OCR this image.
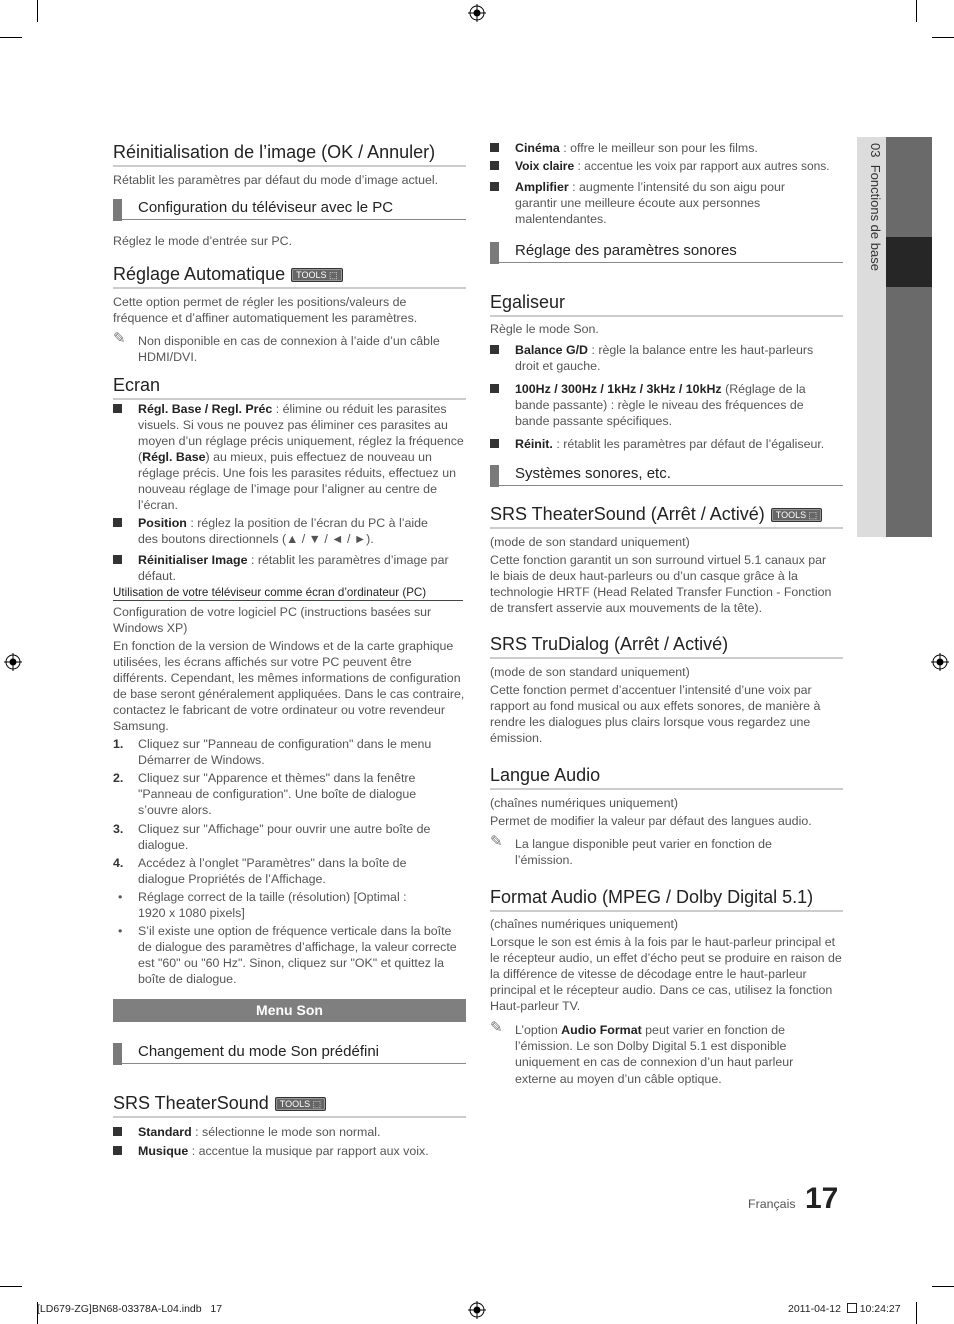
03  Fonctions de base
Réinitialisation de l’image (OK / Annuler)
Rétablit les paramètres par défaut du mode d’image actuel.
Configuration du téléviseur avec le PC
Réglez le mode d’entrée sur PC.
Réglage Automatique TOOLS ⬚
Cette option permet de régler les positions/valeurs de fréquence et d’affiner automatiquement les paramètres.
✎ Non disponible en cas de connexion à l’aide d’un câble HDMI/DVI.
Ecran
Régl. Base / Regl. Préc : élimine ou réduit les parasites visuels. Si vous ne pouvez pas éliminer ces parasites au moyen d’un réglage précis uniquement, réglez la fréquence (Régl. Base) au mieux, puis effectuez de nouveau un réglage précis. Une fois les parasites réduits, effectuez un nouveau réglage de l’image pour l’aligner au centre de l’écran.
Position : réglez la position de l’écran du PC à l’aide des boutons directionnels (▲ / ▼ / ◄ / ►).
Réinitialiser Image : rétablit les paramètres d’image par défaut.
Utilisation de votre téléviseur comme écran d’ordinateur (PC)
Configuration de votre logiciel PC (instructions basées sur Windows XP)
En fonction de la version de Windows et de la carte graphique utilisées, les écrans affichés sur votre PC peuvent être différents. Cependant, les mêmes informations de configuration de base seront généralement appliquées. Dans le cas contraire, contactez le fabricant de votre ordinateur ou votre revendeur Samsung.
1. Cliquez sur "Panneau de configuration" dans le menu Démarrer de Windows.
2. Cliquez sur "Apparence et thèmes" dans la fenêtre "Panneau de configuration". Une boîte de dialogue s’ouvre alors.
3. Cliquez sur "Affichage" pour ouvrir une autre boîte de dialogue.
4. Accédez à l’onglet "Paramètres" dans la boîte de dialogue Propriétés de l’Affichage.
• Réglage correct de la taille (résolution) [Optimal : 1920 x 1080 pixels]
• S’il existe une option de fréquence verticale dans la boîte de dialogue des paramètres d’affichage, la valeur correcte est "60" ou "60 Hz". Sinon, cliquez sur "OK" et quittez la boîte de dialogue.
Menu Son
Changement du mode Son prédéfini
SRS TheaterSound TOOLS ⬚
Standard : sélectionne le mode son normal.
Musique : accentue la musique par rapport aux voix.
Cinéma : offre le meilleur son pour les films.
Voix claire : accentue les voix par rapport aux autres sons.
Amplifier : augmente l’intensité du son aigu pour garantir une meilleure écoute aux personnes malentendantes.
Réglage des paramètres sonores
Egaliseur
Règle le mode Son.
Balance G/D : règle la balance entre les haut-parleurs droit et gauche.
100Hz / 300Hz / 1kHz / 3kHz / 10kHz (Réglage de la bande passante) : règle le niveau des fréquences de bande passante spécifiques.
Réinit. : rétablit les paramètres par défaut de l’égaliseur.
Systèmes sonores, etc.
SRS TheaterSound (Arrêt / Activé) TOOLS ⬚
(mode de son standard uniquement)
Cette fonction garantit un son surround virtuel 5.1 canaux par le biais de deux haut-parleurs ou d’un casque grâce à la technologie HRTF (Head Related Transfer Function - Fonction de transfert asservie aux mouvements de la tête).
SRS TruDialog (Arrêt / Activé)
(mode de son standard uniquement)
Cette fonction permet d’accentuer l’intensité d’une voix par rapport au fond musical ou aux effets sonores, de manière à rendre les dialogues plus clairs lorsque vous regardez une émission.
Langue Audio
(chaînes numériques uniquement)
Permet de modifier la valeur par défaut des langues audio.
✎ La langue disponible peut varier en fonction de l’émission.
Format Audio (MPEG / Dolby Digital 5.1)
(chaînes numériques uniquement)
Lorsque le son est émis à la fois par le haut-parleur principal et le récepteur audio, un effet d’écho peut se produire en raison de la différence de vitesse de décodage entre le haut-parleur principal et le récepteur audio. Dans ce cas, utilisez la fonction Haut-parleur TV.
✎ L’option Audio Format peut varier en fonction de l’émission. Le son Dolby Digital 5.1 est disponible uniquement en cas de connexion d’un haut parleur
externe au moyen d’un câble optique.
Français 17
[LD679-ZG]BN68-03378A-L04.indb   17	2011-04-12 10:24:27
